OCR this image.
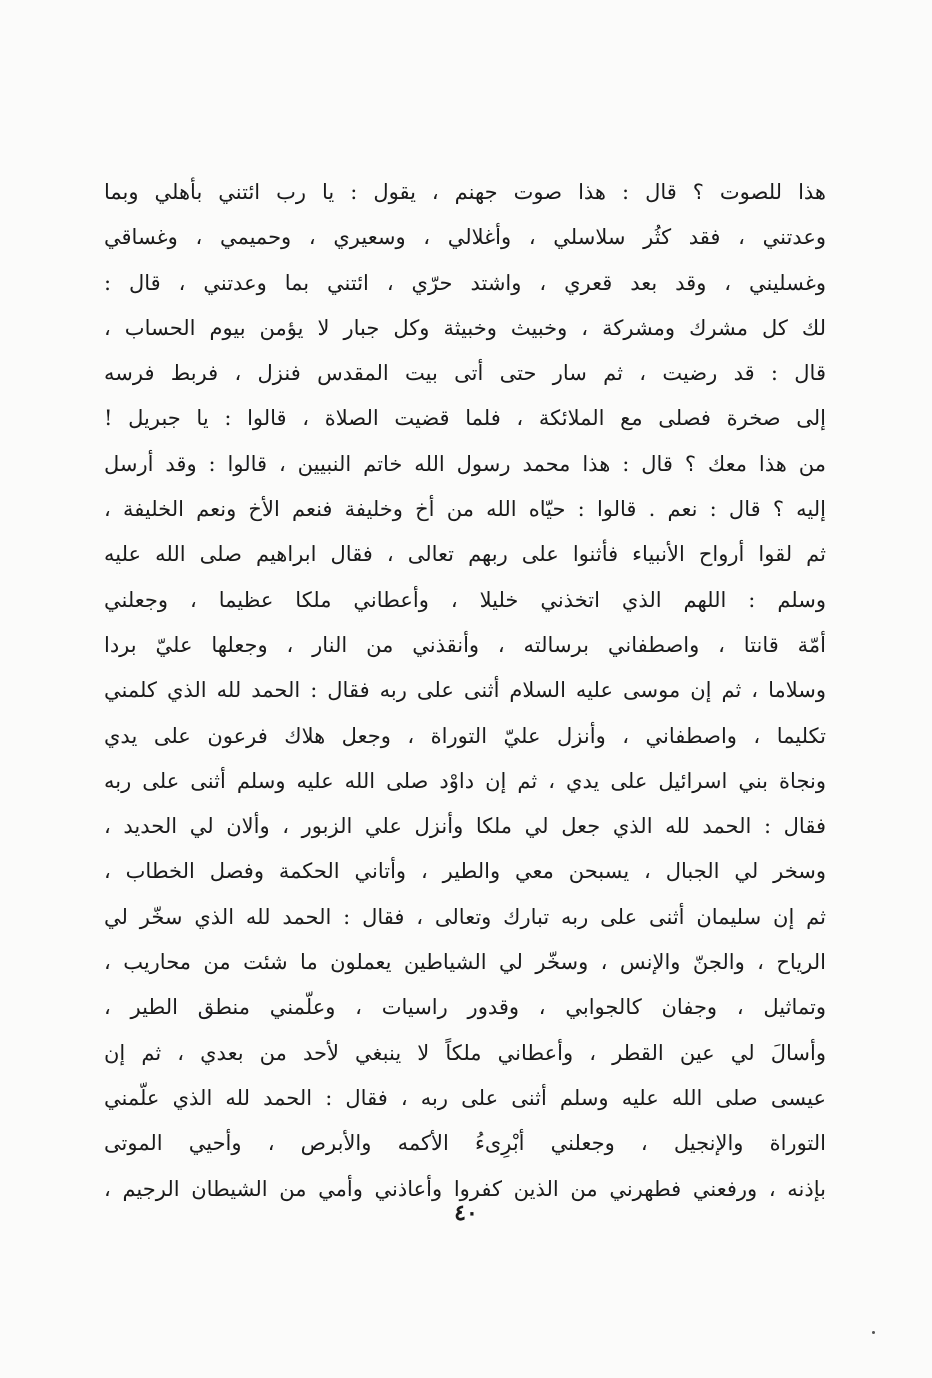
هذا للصوت ؟ قال : هذا صوت جهنم ، يقول : يا رب ائتني بأهلي وبما
وعدتني ، فقد كثُر سلاسلي ، وأغلالي ، وسعيري ، وحميمي ، وغساقي
وغسليني ، وقد بعد قعري ، واشتد حرّي ، ائتني بما وعدتني ، قال :
لك كل مشرك ومشركة ، وخبيث وخبيثة وكل جبار لا يؤمن بيوم الحساب ،
قال : قد رضيت ، ثم سار حتى أتى بيت المقدس فنزل ، فربط فرسه
إلى صخرة فصلى مع الملائكة ، فلما قضيت الصلاة ، قالوا : يا جبريل !
من هذا معك ؟ قال : هذا محمد رسول الله خاتم النبيين ، قالوا : وقد أرسل
إليه ؟ قال : نعم . قالوا : حيّاه الله من أخ وخليفة فنعم الأخ ونعم الخليفة ،
ثم لقوا أرواح الأنبياء فأثنوا على ربهم تعالى ، فقال ابراهيم صلى الله عليه
وسلم : اللهم الذي اتخذني خليلا ، وأعطاني ملكا عظيما ، وجعلني
أمّة قانتا ، واصطفاني برسالته ، وأنقذني من النار ، وجعلها عليّ بردا
وسلاما ، ثم إن موسى عليه السلام أثنى على ربه فقال : الحمد لله الذي كلمني
تكليما ، واصطفاني ، وأنزل عليّ التوراة ، وجعل هلاك فرعون على يدي
ونجاة بني اسرائيل على يدي ، ثم إن داوْد صلى الله عليه وسلم أثنى على ربه
فقال : الحمد لله الذي جعل لي ملكا وأنزل علي الزبور ، وألان لي الحديد ،
وسخر لي الجبال ، يسبحن معي والطير ، وأتاني الحكمة وفصل الخطاب ،
ثم إن سليمان أثنى على ربه تبارك وتعالى ، فقال : الحمد لله الذي سخّر لي
الرياح ، والجنّ والإنس ، وسخّر لي الشياطين يعملون ما شئت من محاريب ،
وتماثيل ، وجفان كالجوابي ، وقدور راسيات ، وعلّمني منطق الطير ،
وأسالَ لي عين القطر ، وأعطاني ملكاً لا ينبغي لأحد من بعدي ، ثم إن
عيسى صلى الله عليه وسلم أثنى على ربه ، فقال : الحمد لله الذي علّمني
التوراة والإنجيل ، وجعلني أبْرِىءُ الأكمه والأبرص ، وأحيي الموتى
بإذنه ، ورفعني فطهرني من الذين كفروا وأعاذني وأمي من الشيطان الرجيم ،
٤٠
